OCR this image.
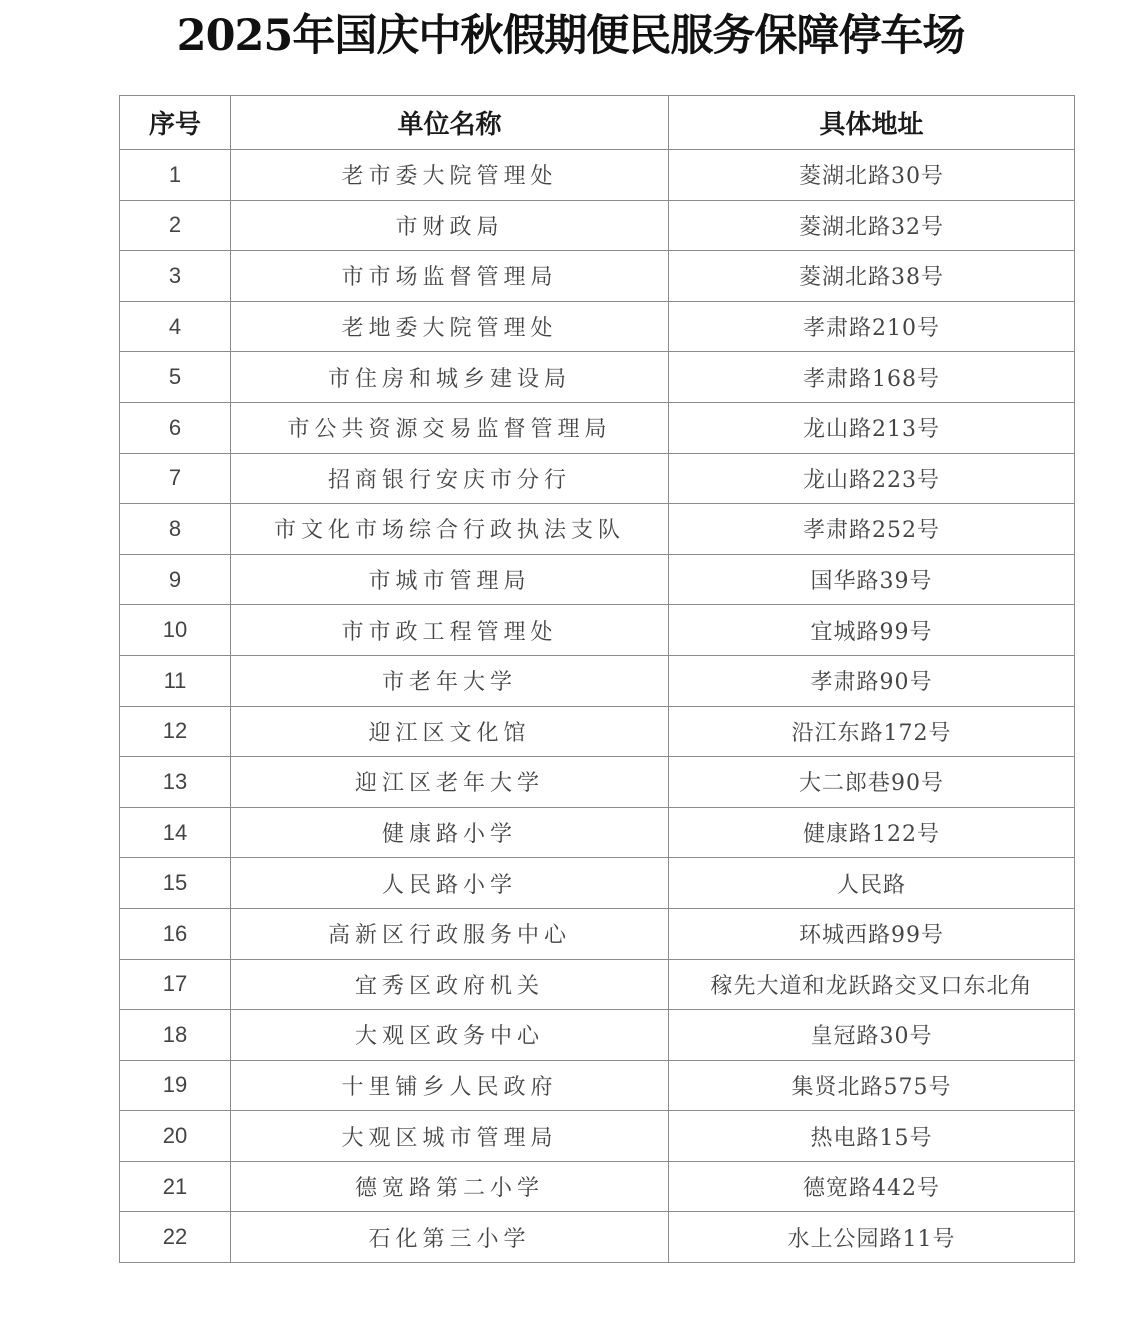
2025年国庆中秋假期便民服务保障停车场
序号	单位名称	具体地址
1	老市委大院管理处	菱湖北路30号
2	市财政局	菱湖北路32号
3	市市场监督管理局	菱湖北路38号
4	老地委大院管理处	孝肃路210号
5	市住房和城乡建设局	孝肃路168号
6	市公共资源交易监督管理局	龙山路213号
7	招商银行安庆市分行	龙山路223号
8	市文化市场综合行政执法支队	孝肃路252号
9	市城市管理局	国华路39号
10	市市政工程管理处	宜城路99号
11	市老年大学	孝肃路90号
12	迎江区文化馆	沿江东路172号
13	迎江区老年大学	大二郎巷90号
14	健康路小学	健康路122号
15	人民路小学	人民路
16	高新区行政服务中心	环城西路99号
17	宜秀区政府机关	稼先大道和龙跃路交叉口东北角
18	大观区政务中心	皇冠路30号
19	十里铺乡人民政府	集贤北路575号
20	大观区城市管理局	热电路15号
21	德宽路第二小学	德宽路442号
22	石化第三小学	水上公园路11号
